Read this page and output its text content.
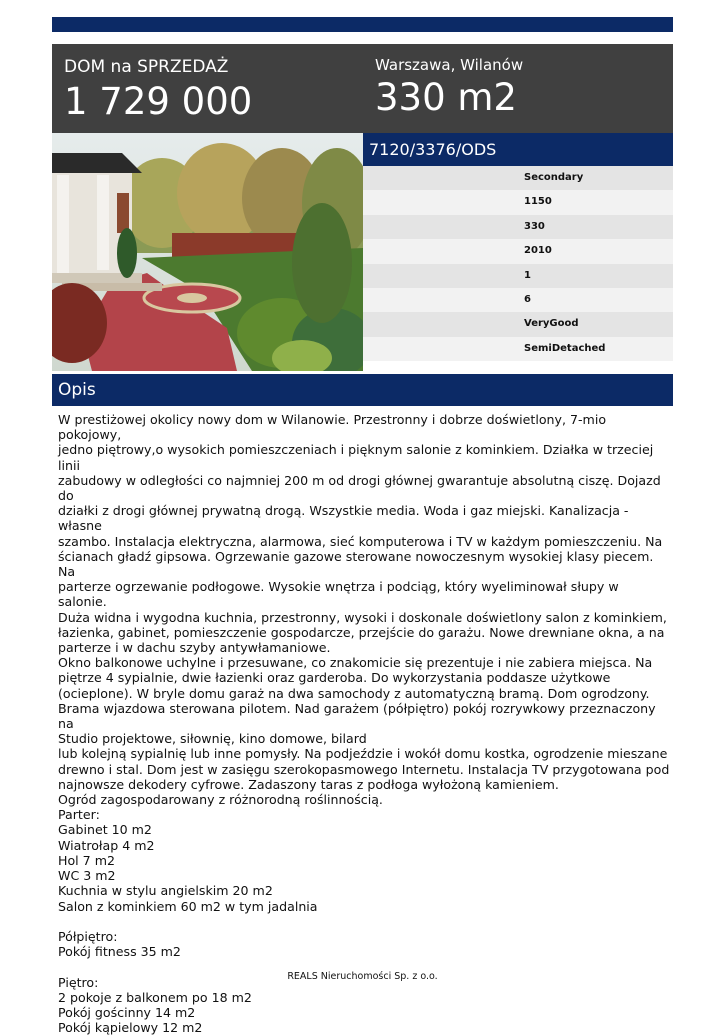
DOM na SPRZEDAŻ
1 729 000
Warszawa, Wilanów
330 m2
7120/3376/ODS
Secondary
1150
330
2010
1
6
VeryGood
SemiDetached
Opis
W prestiżowej okolicy nowy dom w Wilanowie. Przestronny i dobrze doświetlony, 7-mio pokojowy,
jedno piętrowy,o wysokich pomieszczeniach i pięknym salonie z kominkiem. Działka w trzeciej linii
zabudowy w odległości co najmniej 200 m od drogi głównej gwarantuje absolutną ciszę. Dojazd do
działki z drogi głównej prywatną drogą. Wszystkie media. Woda i gaz miejski. Kanalizacja - własne
szambo. Instalacja elektryczna, alarmowa, sieć komputerowa i TV w każdym pomieszczeniu. Na
ścianach gładź gipsowa. Ogrzewanie gazowe sterowane nowoczesnym wysokiej klasy piecem. Na
parterze ogrzewanie podłogowe. Wysokie wnętrza i podciąg, który wyeliminował słupy w salonie.
Duża widna i wygodna kuchnia, przestronny, wysoki i doskonale doświetlony salon z kominkiem,
łazienka, gabinet, pomieszczenie gospodarcze, przejście do garażu. Nowe drewniane okna, a na
parterze i w dachu szyby antywłamaniowe.
Okno balkonowe uchylne i przesuwane, co znakomicie się prezentuje i nie zabiera miejsca. Na
piętrze 4 sypialnie, dwie łazienki oraz garderoba. Do wykorzystania poddasze użytkowe
(ocieplone). W bryle domu garaż na dwa samochody z automatyczną bramą. Dom ogrodzony.
Brama wjazdowa sterowana pilotem. Nad garażem (półpiętro) pokój rozrywkowy przeznaczony na
Studio projektowe, siłownię, kino domowe, bilard
lub kolejną sypialnię lub inne pomysły. Na podjeździe i wokół domu kostka, ogrodzenie mieszane
drewno i stal. Dom jest w zasięgu szerokopasmowego Internetu. Instalacja TV przygotowana pod
najnowsze dekodery cyfrowe. Zadaszony taras z podłoga wyłożoną kamieniem.
Ogród zagospodarowany z różnorodną roślinnością.
Parter:
Gabinet 10 m2
Wiatrołap 4 m2
Hol 7 m2
WC 3 m2
Kuchnia w stylu angielskim 20 m2
Salon z kominkiem 60 m2 w tym jadalnia

Półpiętro:
Pokój fitness 35 m2

Piętro:
2 pokoje z balkonem po 18 m2
Pokój gościnny 14 m2
Pokój kąpielowy 12 m2
REALS Nieruchomości Sp. z o.o.
